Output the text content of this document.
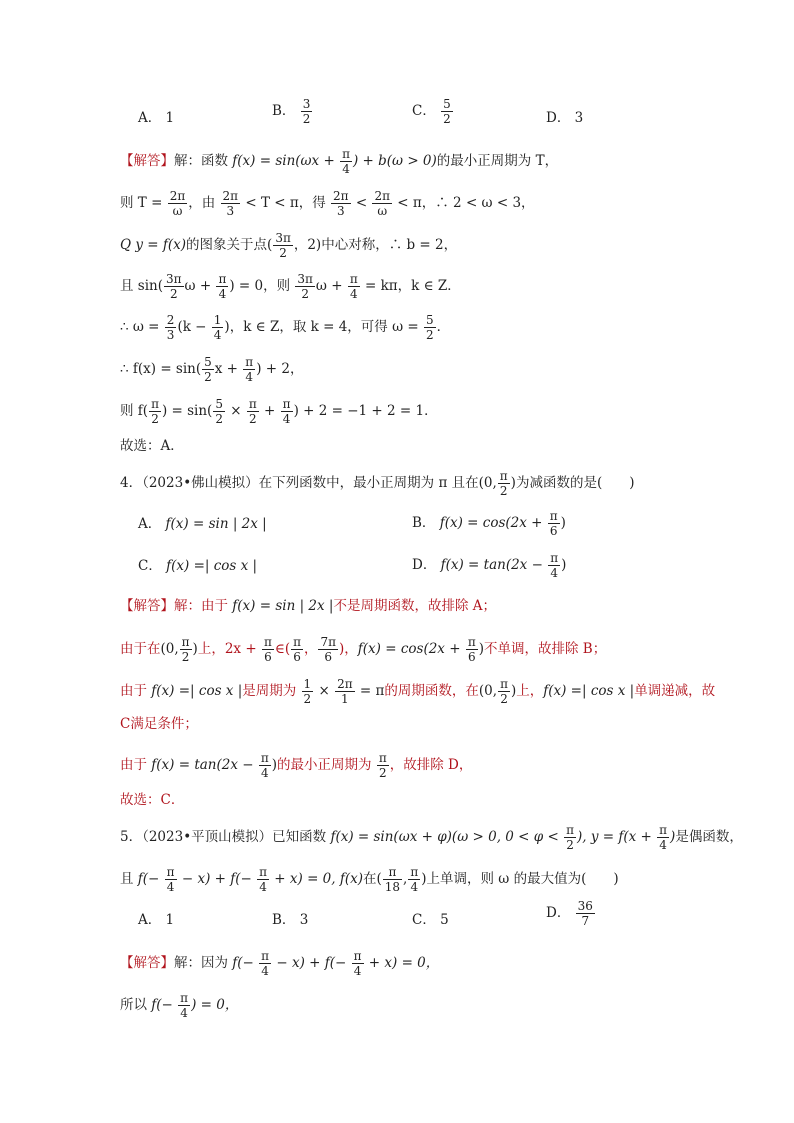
A． 1	B． $\frac{3}{2}$	C． $\frac{5}{2}$	D． 3
【解答】解：函数 $f(x) = \sin(\omega x + \frac{\pi}{4}$ ) + b(ω > 0)的最小正周期为 T，
则 $T = \frac{2\pi}{\omega}$ ，由 $\frac{2\pi}{3} < T < \pi$，得 $\frac{2\pi}{3} < \frac{2\pi}{\omega} < \pi$，∴ 2 < ω < 3，
Q y = f(x)的图象关于点( $\frac{3\pi}{2}$ ，2)中心对称，∴ b = 2，
且 $\sin( \frac{3\pi}{2}$ $\omega + \frac{\pi}{4}$ ) = 0，则 $\frac{3\pi}{2}$ $\omega + \frac{\pi}{4} = k\pi$，k ∈ Z．
∴ $\omega = \frac{2}{3} (k - \frac{1}{4}$ )，k ∈ Z，取 k = 4，可得 $\omega = \frac{5}{2}$ ．
∴ $f(x) = \sin( \frac{5}{2}$ $x + \frac{\pi}{4}$ ) + 2，
则 $f( \frac{\pi}{2}$ ) = $\sin( \frac{5}{2} \times \frac{\pi}{2} + \frac{\pi}{4}$ ) + 2 = −1 + 2 = 1．
故选：A．
4．（2023•佛山模拟）在下列函数中，最小正周期为 π 且在(0, $\frac{\pi}{2}$ )为减函数的是(　　)
A． f(x) = sin | 2x |	B． $f(x) = \cos(2x + \frac{\pi}{6}$ )
C． f(x) =| cos x |	D． $f(x) = \tan(2x - \frac{\pi}{4}$ )
【解答】解：由于 f(x) = sin | 2x |不是周期函数，故排除 A；
由于在(0, $\frac{\pi}{2}$ )上，$2x + \frac{\pi}{6}$ ∈( $\frac{\pi}{6}$ ， $\frac{7\pi}{6}$ )，$f(x) = \cos(2x + \frac{\pi}{6}$ )不单调，故排除 B；
由于 f(x) =| cos x |是周期为 $\frac{1}{2} \times \frac{2\pi}{1} = \pi$的周期函数，在(0, $\frac{\pi}{2}$ )上，f(x) =| cos x |单调递减，故
C满足条件；
由于 $f(x) = \tan(2x - \frac{\pi}{4}$ )的最小正周期为 $\frac{\pi}{2}$ ，故排除 D，
故选：C．
5．（2023•平顶山模拟）已知函数 f(x) = sin(ωx + φ)(ω > 0, $0 < \varphi < \frac{\pi}{2}$ ), $y = f(x + \frac{\pi}{4}$ )是偶函数，
且 $f(- \frac{\pi}{4} - x) + f(- \frac{\pi}{4} + x) = 0$, f(x)在( $\frac{\pi}{18}$ , $\frac{\pi}{4}$ )上单调，则 ω 的最大值为(　　)
A． 1	B． 3	C． 5	D． $\frac{36}{7}$
【解答】解：因为 $f(- \frac{\pi}{4} - x) + f(- \frac{\pi}{4} + x) = 0$，
所以 $f(- \frac{\pi}{4}$ ) = 0，
